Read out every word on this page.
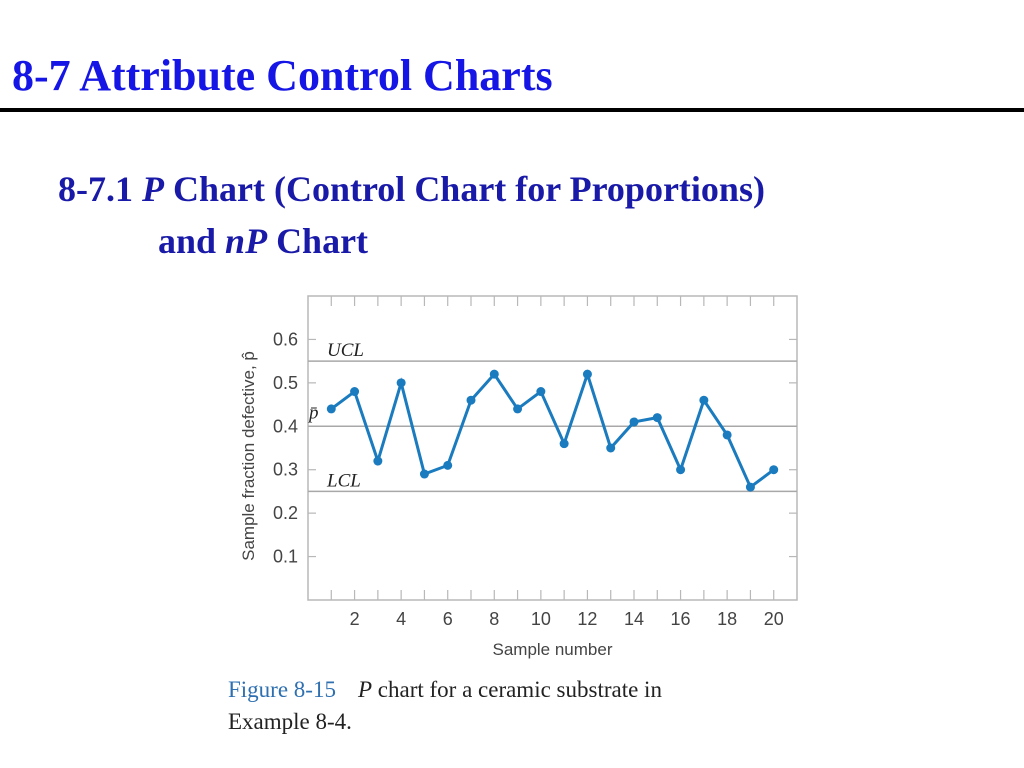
8-7 Attribute Control Charts
8-7.1 P Chart (Control Chart for Proportions)
and nP Chart
0.1
0.2
0.3
0.4
0.5
0.6
2 4 6 8 10 12 14 16 18 20
Sample number
Sample fraction defective, p̂
UCL
p̄
LCL

Figure 8-15 P chart for a ceramic substrate in
Example 8-4.
